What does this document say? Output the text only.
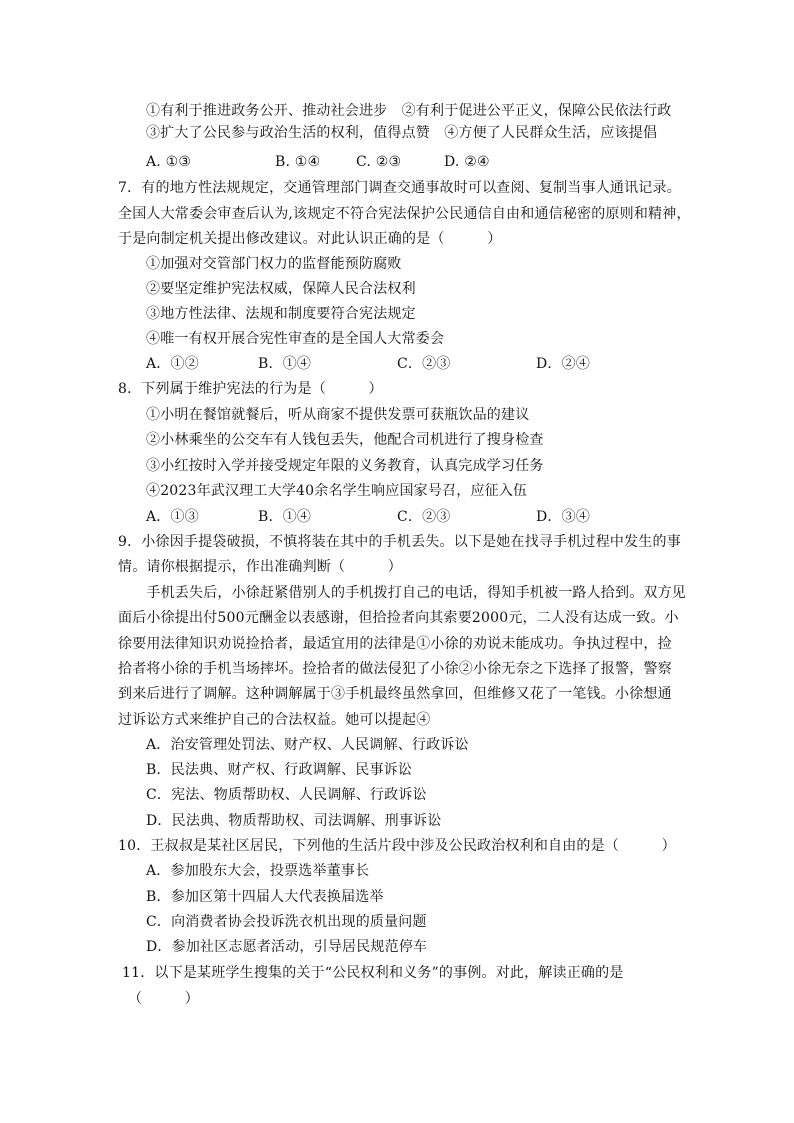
①有利于推进政务公开、推动社会进步　②有利于促进公平正义，保障公民依法行政
③扩大了公民参与政治生活的权利，值得点赞　④方便了人民群众生活，应该提倡
A. ①③	B. ①④	C. ②③	D. ②④
7．有的地方性法规规定，交通管理部门调查交通事故时可以查阅、复制当事人通讯记录。
全国人大常委会审查后认为,该规定不符合宪法保护公民通信自由和通信秘密的原则和精神，
于是向制定机关提出修改建议。对此认识正确的是（　　　）
①加强对交管部门权力的监督能预防腐败
②要坚定维护宪法权威，保障人民合法权利
③地方性法律、法规和制度要符合宪法规定
④唯一有权开展合宪性审查的是全国人大常委会
A．①②	B．①④	C．②③	D．②④
8．下列属于维护宪法的行为是（　　　）
①小明在餐馆就餐后，听从商家不提供发票可获瓶饮品的建议
②小林乘坐的公交车有人钱包丢失，他配合司机进行了搜身检查
③小红按时入学并接受规定年限的义务教育，认真完成学习任务
④2023年武汉理工大学40余名学生响应国家号召，应征入伍
A．①③	B．①④	C．②③	D．③④
9．小徐因手提袋破损，不慎将装在其中的手机丢失。以下是她在找寻手机过程中发生的事
情。请你根据提示，作出准确判断（　　　）
　　手机丢失后，小徐赶紧借别人的手机拨打自己的电话，得知手机被一路人拾到。双方见
面后小徐提出付500元酬金以表感谢，但拾捡者向其索要2000元，二人没有达成一致。小
徐要用法律知识劝说捡拾者，最适宜用的法律是①小徐的劝说未能成功。争执过程中，捡
拾者将小徐的手机当场摔坏。捡拾者的做法侵犯了小徐②小徐无奈之下选择了报警，警察
到来后进行了调解。这种调解属于③手机最终虽然拿回，但维修又花了一笔钱。小徐想通
过诉讼方式来维护自己的合法权益。她可以提起④
A．治安管理处罚法、财产权、人民调解、行政诉讼
B．民法典、财产权、行政调解、民事诉讼
C．宪法、物质帮助权、人民调解、行政诉讼
D．民法典、物质帮助权、司法调解、刑事诉讼
10．王叔叔是某社区居民，下列他的生活片段中涉及公民政治权利和自由的是（　　　）
A．参加股东大会，投票选举董事长
B．参加区第十四届人大代表换届选举
C．向消费者协会投诉洗衣机出现的质量问题
D．参加社区志愿者活动，引导居民规范停车
11．以下是某班学生搜集的关于“公民权利和义务”的事例。对此，解读正确的是
（　　　）
